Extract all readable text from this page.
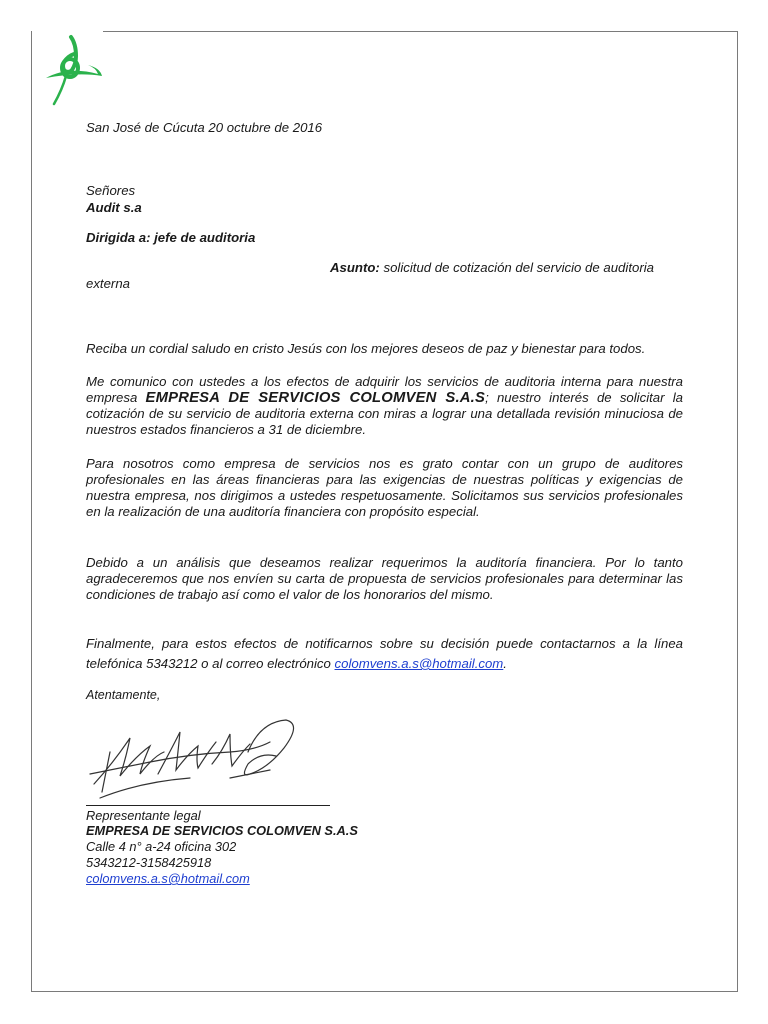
San José de Cúcuta 20 octubre de 2016
Señores
Audit s.a
Dirigida a: jefe de auditoria
Asunto: solicitud de cotización del servicio de auditoria
externa
Reciba un cordial saludo en cristo Jesús con los mejores deseos de paz y bienestar para todos.
Me comunico con ustedes a los efectos de adquirir los servicios de auditoria interna para nuestra empresa EMPRESA DE SERVICIOS COLOMVEN S.A.S; nuestro interés de solicitar la cotización de su servicio de auditoria externa con miras a lograr una detallada revisión minuciosa de nuestros estados financieros a 31 de diciembre.
Para nosotros como empresa de servicios nos es grato contar con un grupo de auditores profesionales en las áreas financieras para las exigencias de nuestras políticas y exigencias de nuestra empresa, nos dirigimos a ustedes respetuosamente. Solicitamos sus servicios profesionales en la realización de una auditoría financiera con propósito especial.
Debido a un análisis que deseamos realizar requerimos la auditoría financiera. Por lo tanto agradeceremos que nos envíen su carta de propuesta de servicios profesionales para determinar las condiciones de trabajo así como el valor de los honorarios del mismo.
Finalmente, para estos efectos de notificarnos sobre su decisión puede contactarnos a la línea telefónica 5343212 o al correo electrónico colomvens.a.s@hotmail.com.
Atentamente,
Representante legal
EMPRESA DE SERVICIOS COLOMVEN S.A.S
Calle 4 n° a-24 oficina 302
5343212-3158425918
colomvens.a.s@hotmail.com
